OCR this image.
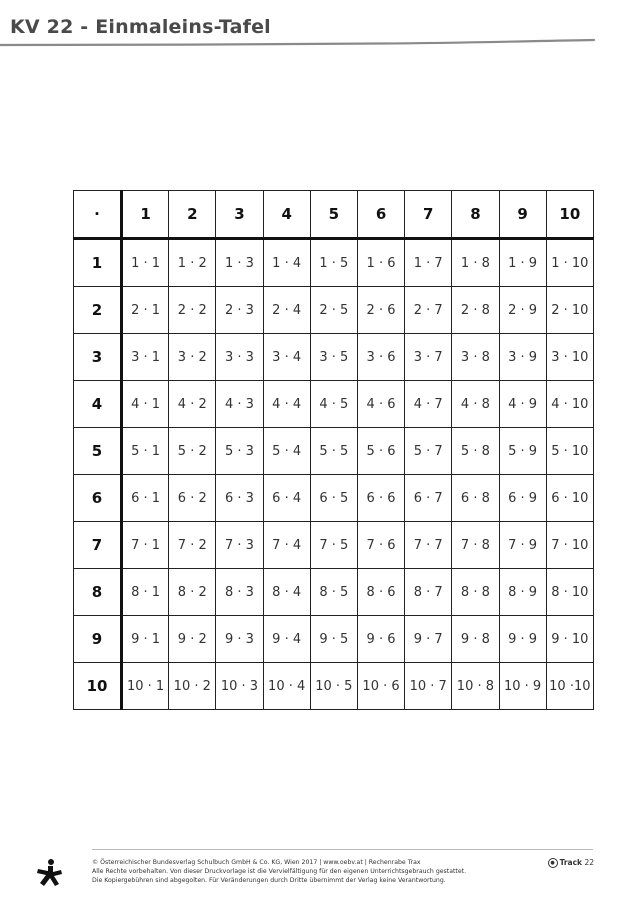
KV 22 - Einmaleins-Tafel
·	1	2	3	4	5	6	7	8	9	10
1	1 · 1	1 · 2	1 · 3	1 · 4	1 · 5	1 · 6	1 · 7	1 · 8	1 · 9	1 · 10
2	2 · 1	2 · 2	2 · 3	2 · 4	2 · 5	2 · 6	2 · 7	2 · 8	2 · 9	2 · 10
3	3 · 1	3 · 2	3 · 3	3 · 4	3 · 5	3 · 6	3 · 7	3 · 8	3 · 9	3 · 10
4	4 · 1	4 · 2	4 · 3	4 · 4	4 · 5	4 · 6	4 · 7	4 · 8	4 · 9	4 · 10
5	5 · 1	5 · 2	5 · 3	5 · 4	5 · 5	5 · 6	5 · 7	5 · 8	5 · 9	5 · 10
6	6 · 1	6 · 2	6 · 3	6 · 4	6 · 5	6 · 6	6 · 7	6 · 8	6 · 9	6 · 10
7	7 · 1	7 · 2	7 · 3	7 · 4	7 · 5	7 · 6	7 · 7	7 · 8	7 · 9	7 · 10
8	8 · 1	8 · 2	8 · 3	8 · 4	8 · 5	8 · 6	8 · 7	8 · 8	8 · 9	8 · 10
9	9 · 1	9 · 2	9 · 3	9 · 4	9 · 5	9 · 6	9 · 7	9 · 8	9 · 9	9 · 10
10	10 · 1	10 · 2	10 · 3	10 · 4	10 · 5	10 · 6	10 · 7	10 · 8	10 · 9	10 ·10
© Österreichischer Bundesverlag Schulbuch GmbH & Co. KG, Wien 2017 | www.oebv.at | Rechenrabe Trax
Alle Rechte vorbehalten. Von dieser Druckvorlage ist die Vervielfältigung für den eigenen Unterrichtsgebrauch gestattet.
Die Kopiergebühren sind abgegolten. Für Veränderungen durch Dritte übernimmt der Verlag keine Verantwortung.
● Track 22
